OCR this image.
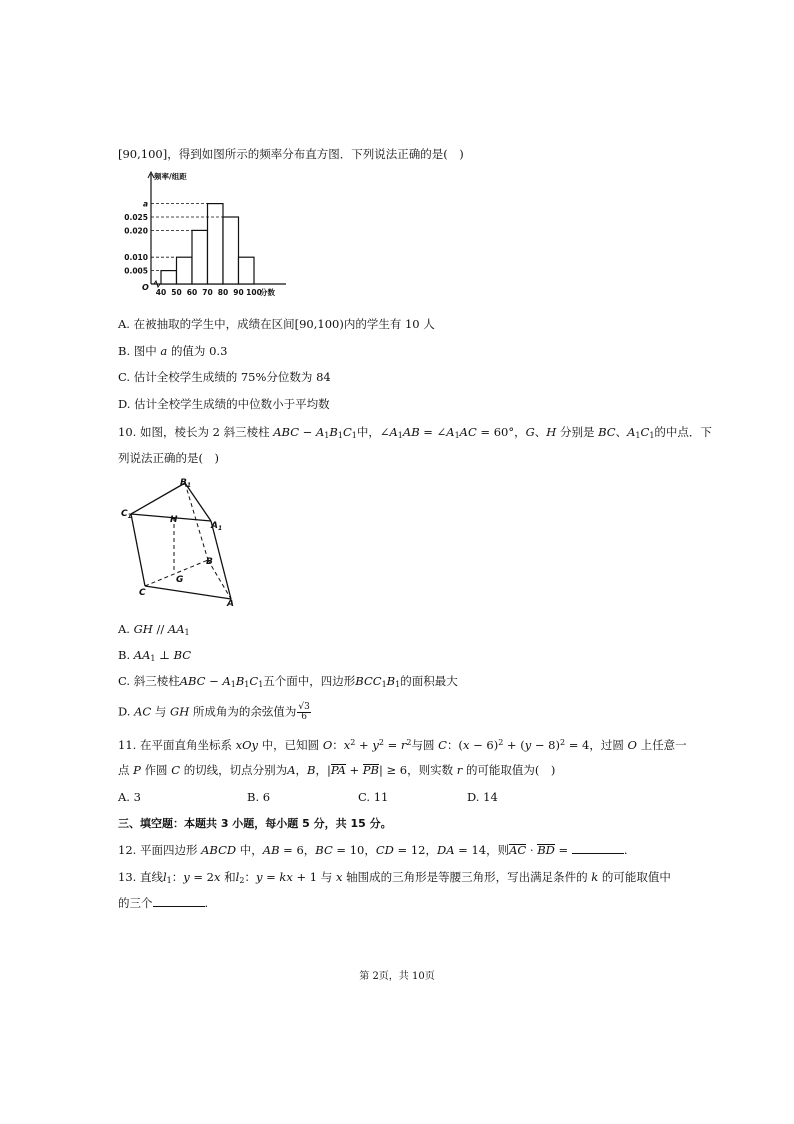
[90,100]，得到如图所示的频率分布直方图．下列说法正确的是(　)
a
0.025
0.020
0.010
0.005
40 50 60 70 80 90 100
分数
频率/组距
O
A. 在被抽取的学生中，成绩在区间[90,100)内的学生有 10 人
B. 图中 a 的值为 0.3
C. 估计全校学生成绩的 75%分位数为 84
D. 估计全校学生成绩的中位数小于平均数
10. 如图，棱长为 2 斜三棱柱 ABC − $A_1B_1C_1$中，$\angle A_1AB$ = $\angle A_1AC = 60^\circ$，G、H 分别是 BC、$A_1C_1$的中点．下
列说法正确的是(　)
$C_1$
$B_1$
$A_1$
H
G
B
C
A
A. GH // $AA_1$
B. $AA_1$ ⊥ BC
C. 斜三棱柱ABC − $A_1B_1C_1$五个面中，四边形$BCC_1B_1$的面积最大
D. AC 与 GH 所成角为的余弦值为 $\frac{√3}{6}$
11. 在平面直角坐标系 xOy 中，已知圆 O：$x^2 + y^2 = r^2$与圆 C：$(x - 6)^2 + (y - 8)^2 = 4$，过圆 O 上任意一
点 P 作圆 C 的切线，切点分别为A，B，|PA + PB| ≥ 6，则实数 r 的可能取值为(　)
A. 3	B. 6	C. 11	D. 14
三、填空题：本题共 3 小题，每小题 5 分，共 15 分。
12. 平面四边形 ABCD 中，AB = 6，BC = 10，CD = 12，DA = 14，则AC · BD =	.
13. 直线$l_1$：y = 2x 和$l_2$：y = kx + 1 与 x 轴围成的三角形是等腰三角形，写出满足条件的 k 的可能取值中
的三个	.
第 2页，共 10页
